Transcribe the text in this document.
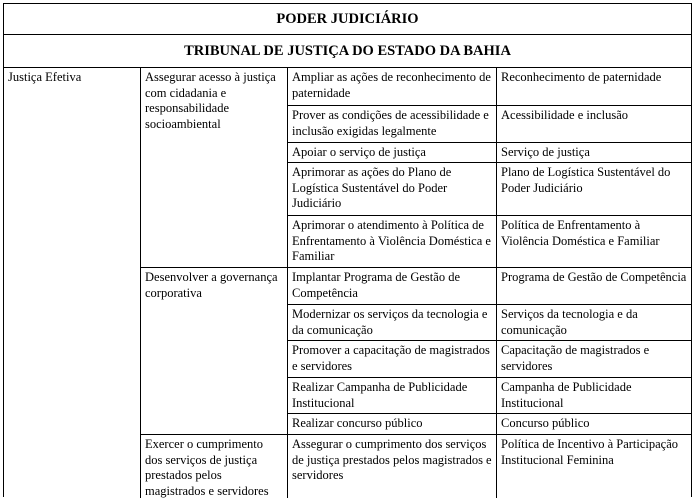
PODER JUDICIÁRIO
TRIBUNAL DE JUSTIÇA DO ESTADO DA BAHIA
Justiça Efetiva	Assegurar acesso à justiça com cidadania e responsabilidade socioambiental
Desenvolver a governança corporativa
Exercer o cumprimento dos serviços de justiça prestados pelos magistrados e servidores
Ampliar as ações de reconhecimento de paternidade
Prover as condições de acessibilidade e inclusão exigidas legalmente
Apoiar o serviço de justiça
Aprimorar as ações do Plano de Logística Sustentável do Poder Judiciário
Aprimorar o atendimento à Política de Enfrentamento à Violência Doméstica e Familiar
Implantar Programa de Gestão de Competência
Modernizar os serviços da tecnologia e da comunicação
Promover a capacitação de magistrados e servidores
Realizar Campanha de Publicidade Institucional
Realizar concurso público
Assegurar o cumprimento dos serviços de justiça prestados pelos magistrados e servidores
Reconhecimento de paternidade
Acessibilidade e inclusão
Serviço de justiça
Plano de Logística Sustentável do Poder Judiciário
Política de Enfrentamento à Violência Doméstica e Familiar
Programa de Gestão de Competência
Serviços da tecnologia e da comunicação
Capacitação de magistrados e servidores
Campanha de Publicidade Institucional
Concurso público
Política de Incentivo à Participação Institucional Feminina
